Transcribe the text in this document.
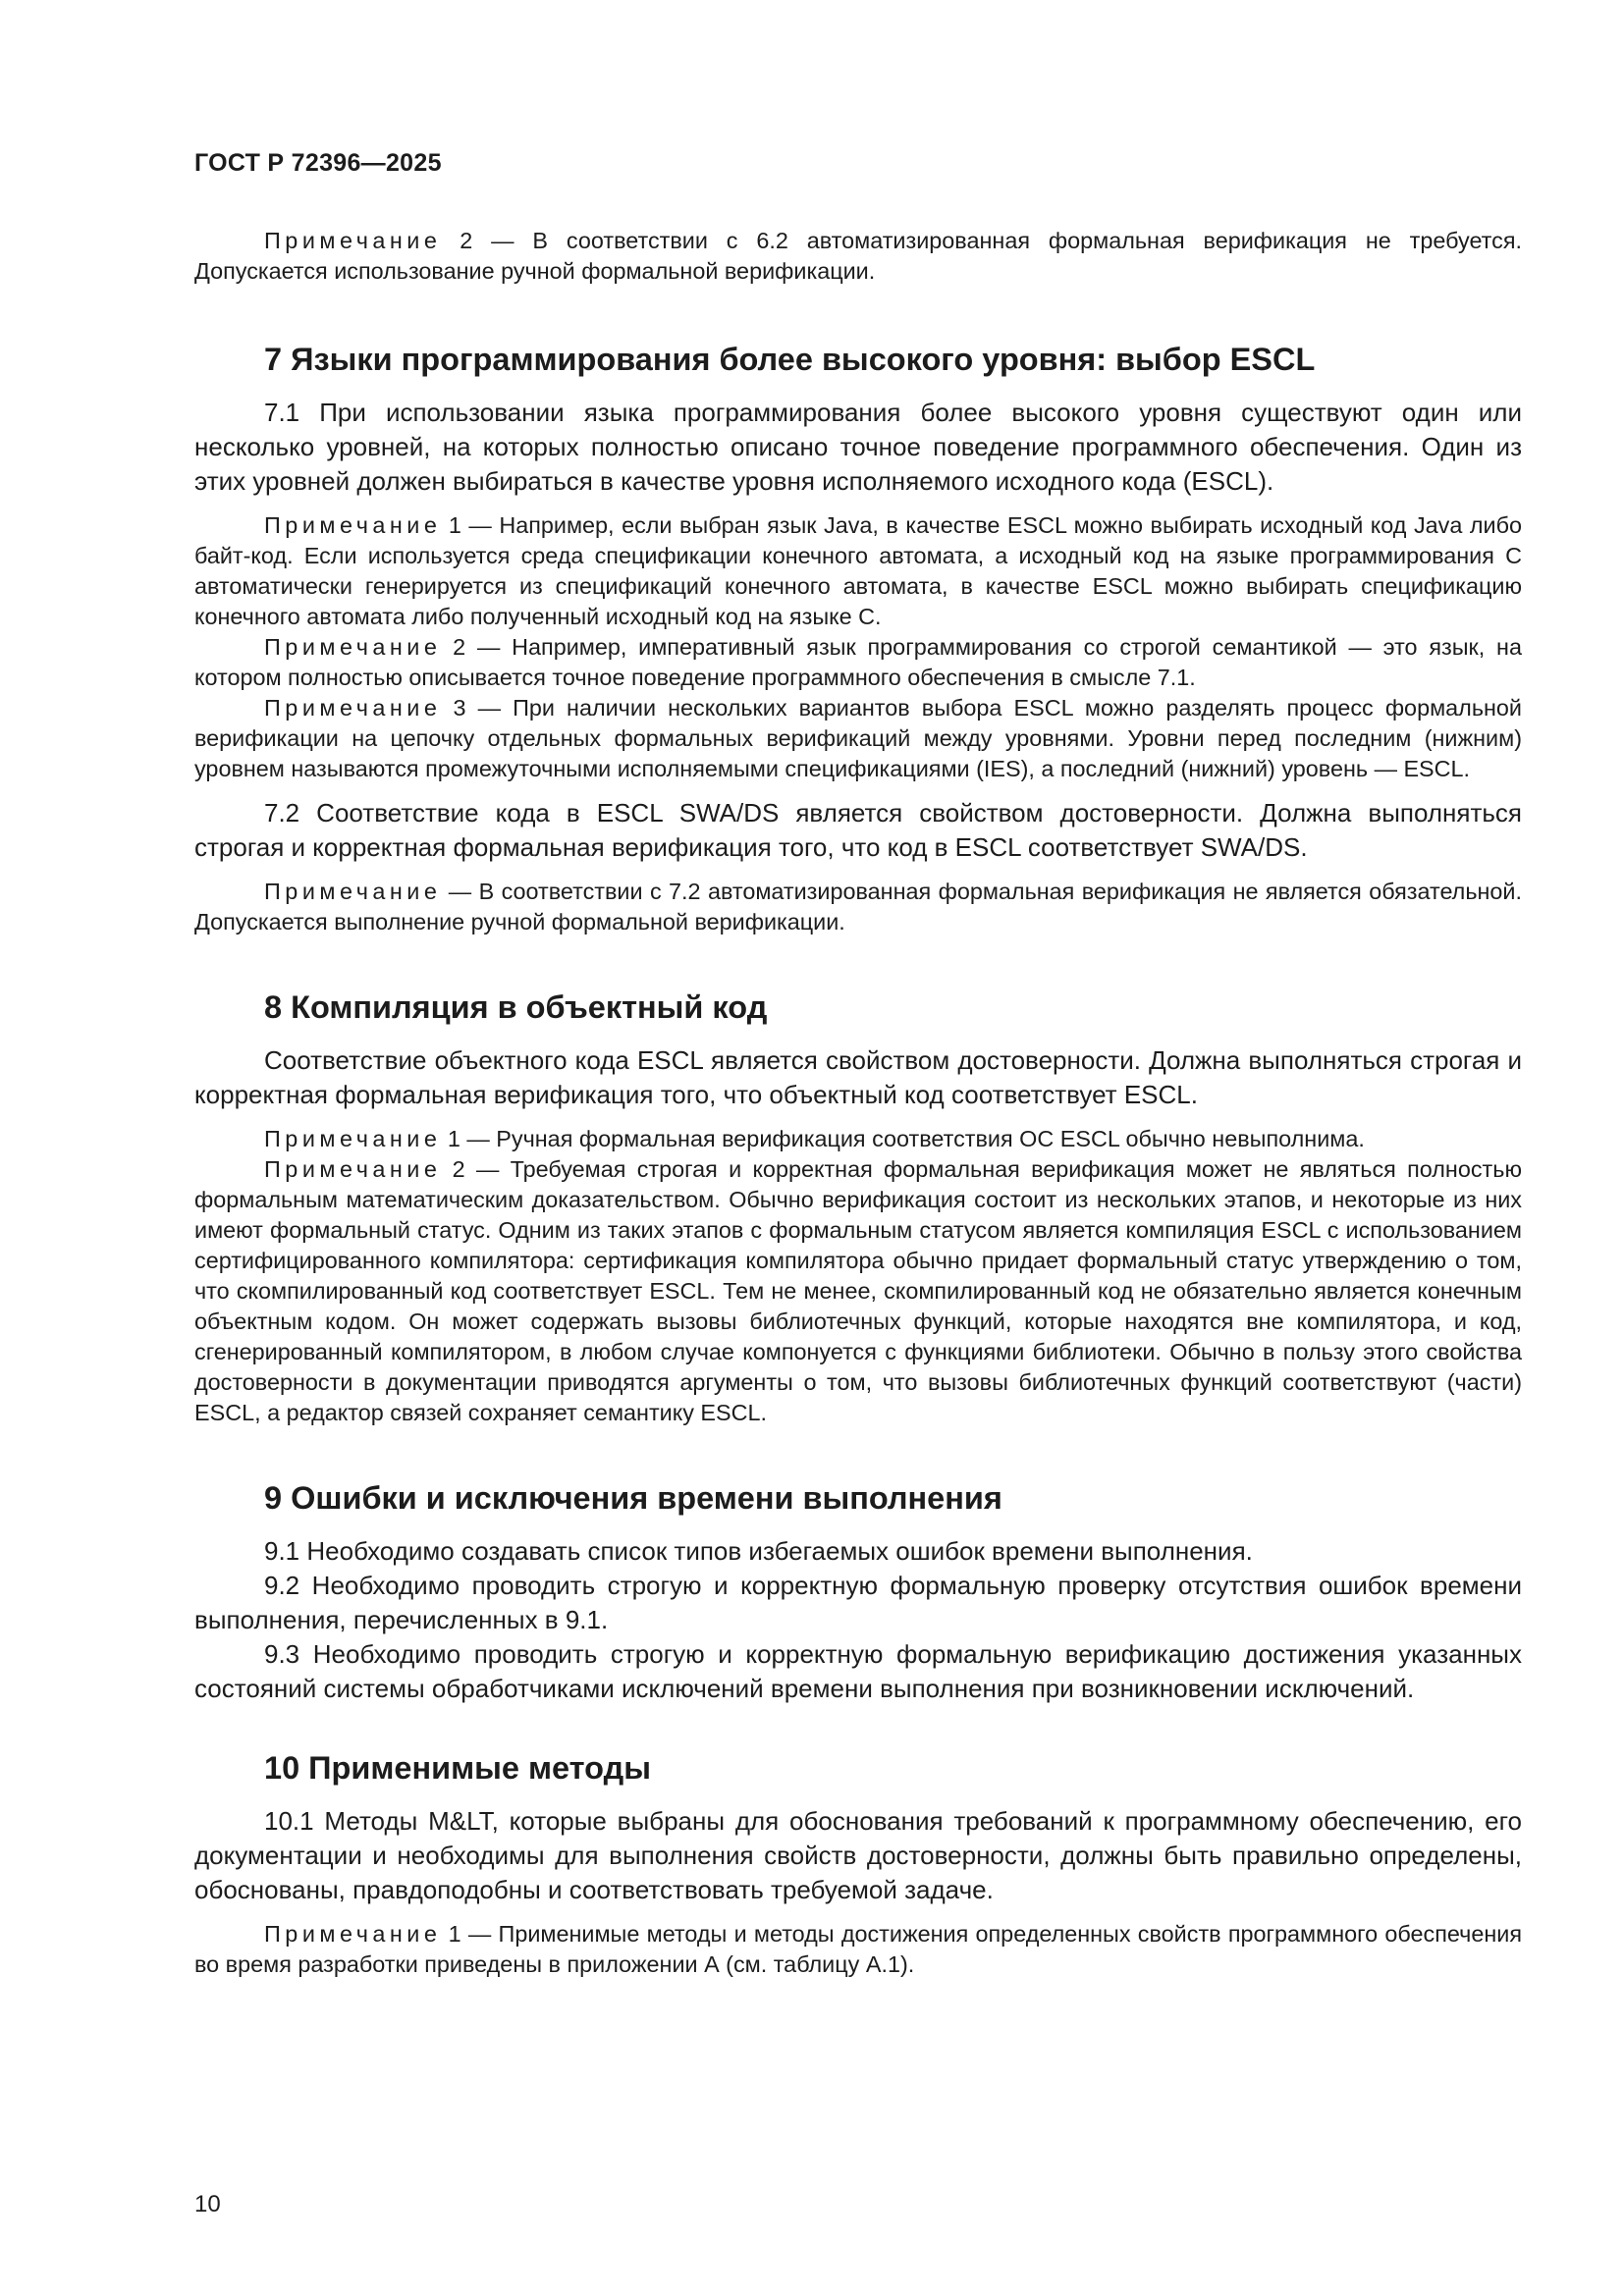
ГОСТ Р 72396—2025

Примечание 2 — В соответствии с 6.2 автоматизированная формальная верификация не требуется. Допускается использование ручной формальной верификации.

7 Языки программирования более высокого уровня: выбор ESCL

7.1 При использовании языка программирования более высокого уровня существуют один или несколько уровней, на которых полностью описано точное поведение программного обеспечения. Один из этих уровней должен выбираться в качестве уровня исполняемого исходного кода (ESCL).

Примечание 1 — Например, если выбран язык Java, в качестве ESCL можно выбирать исходный код Java либо байт-код. Если используется среда спецификации конечного автомата, а исходный код на языке программирования C автоматически генерируется из спецификаций конечного автомата, в качестве ESCL можно выбирать спецификацию конечного автомата либо полученный исходный код на языке C.

Примечание 2 — Например, императивный язык программирования со строгой семантикой — это язык, на котором полностью описывается точное поведение программного обеспечения в смысле 7.1.

Примечание 3 — При наличии нескольких вариантов выбора ESCL можно разделять процесс формальной верификации на цепочку отдельных формальных верификаций между уровнями. Уровни перед последним (нижним) уровнем называются промежуточными исполняемыми спецификациями (IES), а последний (нижний) уровень — ESCL.

7.2 Соответствие кода в ESCL SWA/DS является свойством достоверности. Должна выполняться строгая и корректная формальная верификация того, что код в ESCL соответствует SWA/DS.

Примечание — В соответствии с 7.2 автоматизированная формальная верификация не является обязательной. Допускается выполнение ручной формальной верификации.

8 Компиляция в объектный код

Соответствие объектного кода ESCL является свойством достоверности. Должна выполняться строгая и корректная формальная верификация того, что объектный код соответствует ESCL.

Примечание 1 — Ручная формальная верификация соответствия ОС ESCL обычно невыполнима.

Примечание 2 — Требуемая строгая и корректная формальная верификация может не являться полностью формальным математическим доказательством. Обычно верификация состоит из нескольких этапов, и некоторые из них имеют формальный статус. Одним из таких этапов с формальным статусом является компиляция ESCL с использованием сертифицированного компилятора: сертификация компилятора обычно придает формальный статус утверждению о том, что скомпилированный код соответствует ESCL. Тем не менее, скомпилированный код не обязательно является конечным объектным кодом. Он может содержать вызовы библиотечных функций, которые находятся вне компилятора, и код, сгенерированный компилятором, в любом случае компонуется с функциями библиотеки. Обычно в пользу этого свойства достоверности в документации приводятся аргументы о том, что вызовы библиотечных функций соответствуют (части) ESCL, а редактор связей сохраняет семантику ESCL.

9 Ошибки и исключения времени выполнения

9.1 Необходимо создавать список типов избегаемых ошибок времени выполнения.

9.2 Необходимо проводить строгую и корректную формальную проверку отсутствия ошибок времени выполнения, перечисленных в 9.1.

9.3 Необходимо проводить строгую и корректную формальную верификацию достижения указанных состояний системы обработчиками исключений времени выполнения при возникновении исключений.

10 Применимые методы

10.1 Методы M&LT, которые выбраны для обоснования требований к программному обеспечению, его документации и необходимы для выполнения свойств достоверности, должны быть правильно определены, обоснованы, правдоподобны и соответствовать требуемой задаче.

Примечание 1 — Применимые методы и методы достижения определенных свойств программного обеспечения во время разработки приведены в приложении А (см. таблицу А.1).

10
